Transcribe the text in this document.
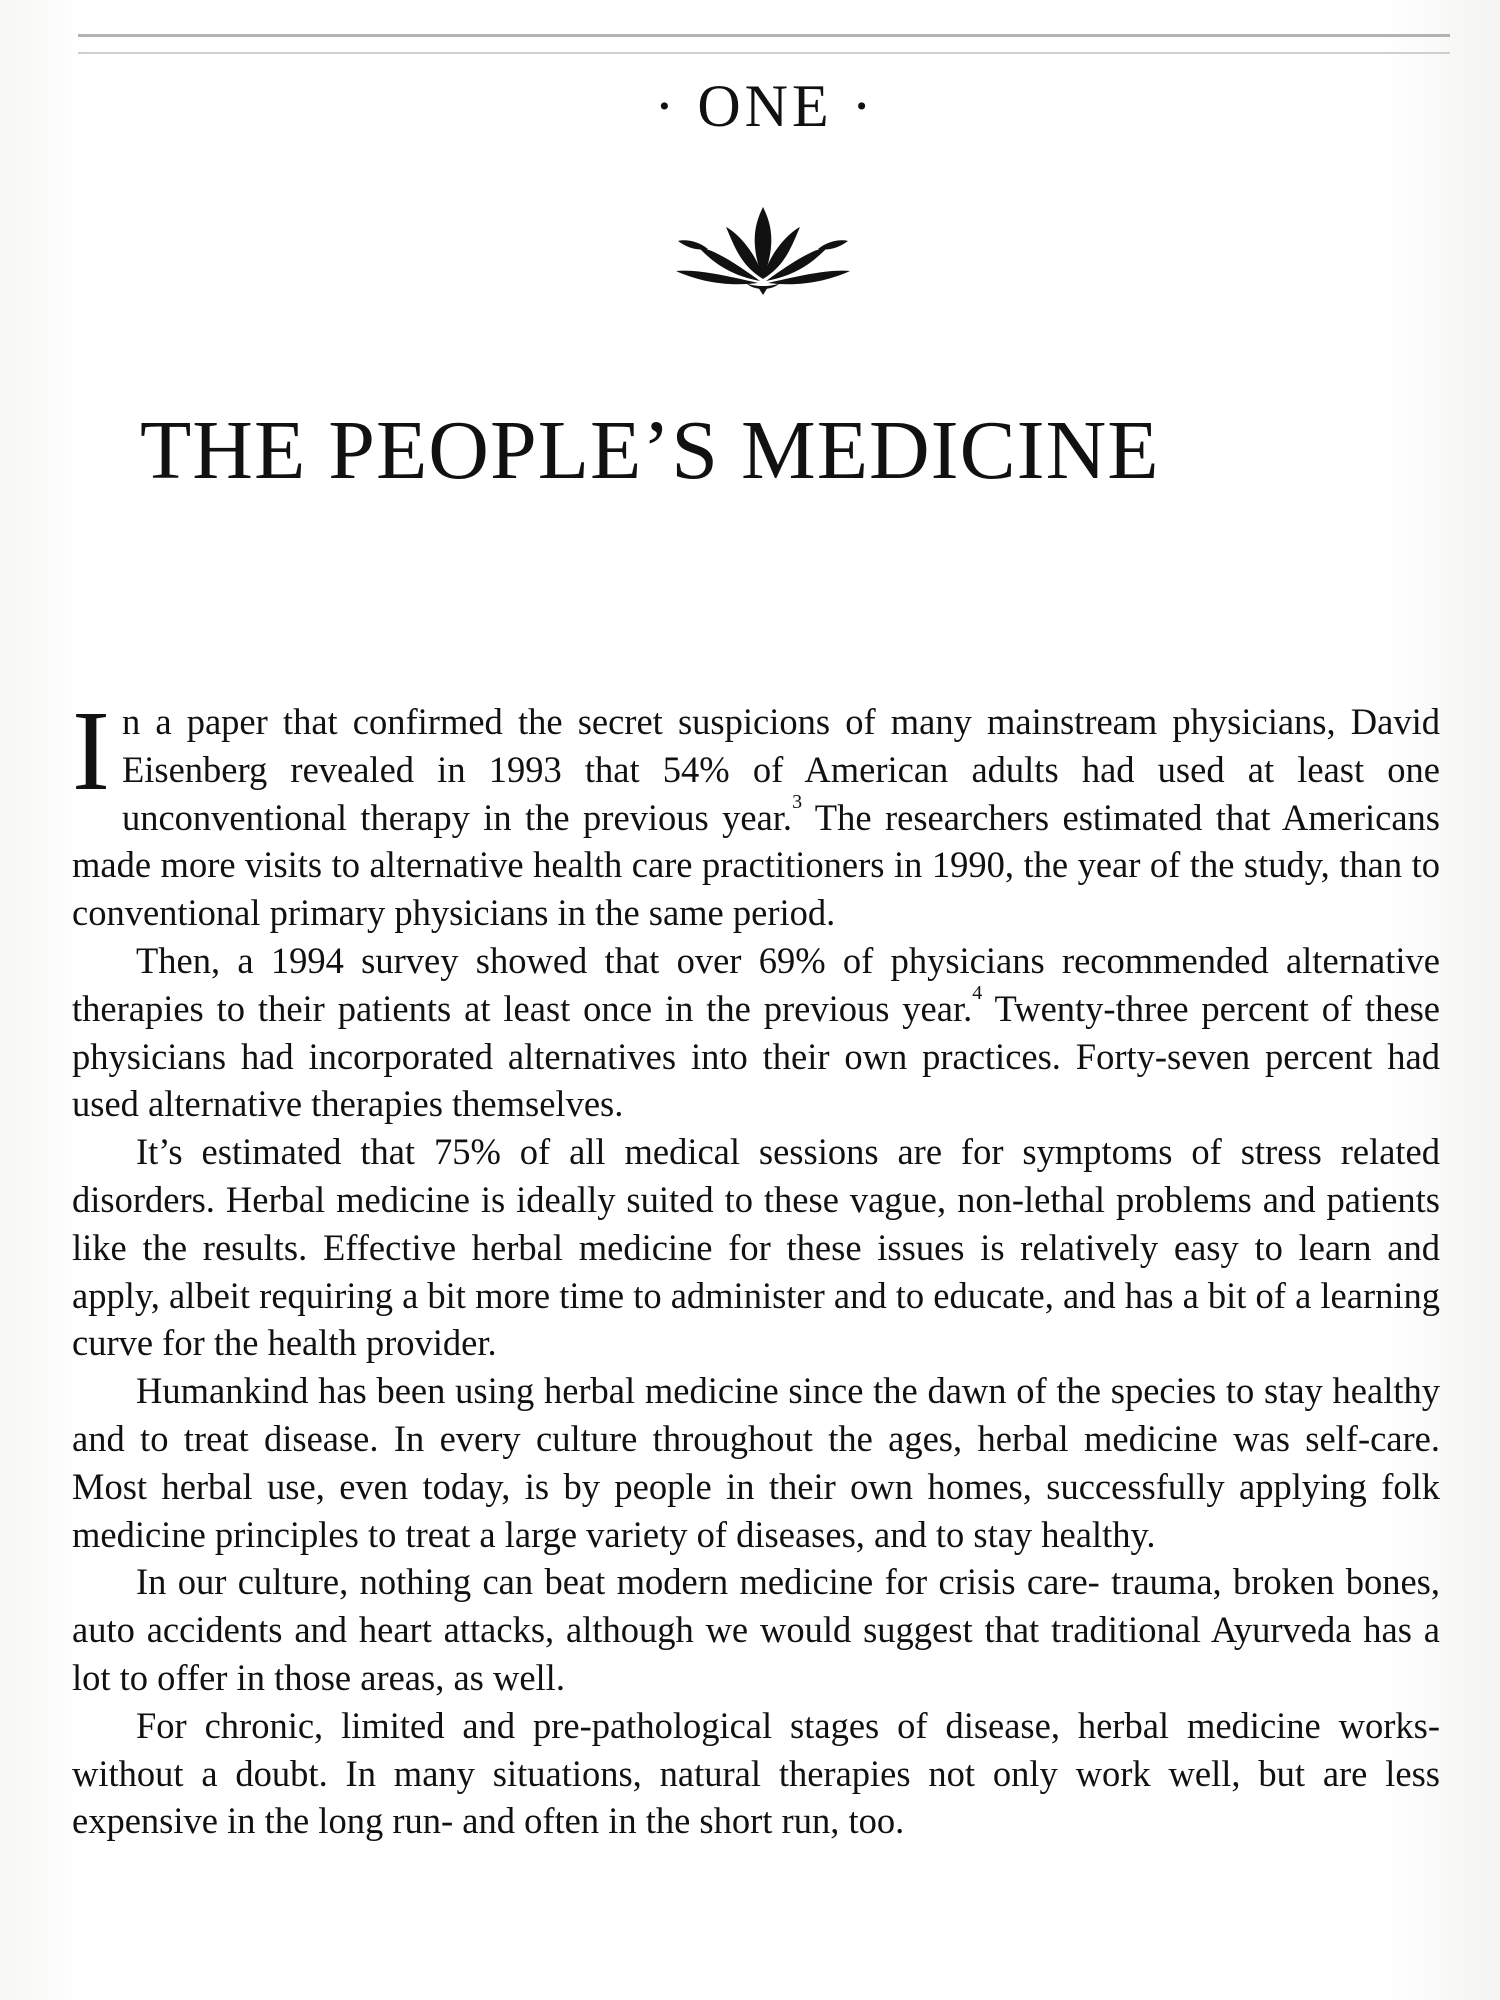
· ONE ·
THE PEOPLE’S MEDICINE

In a paper that confirmed the secret suspicions of many mainstream physicians, David Eisenberg revealed in 1993 that 54% of American adults had used at least one unconventional therapy in the previous year.$^3$ The researchers estimated that Americans made more visits to alternative health care practitioners in 1990, the year of the study, than to conventional primary physicians in the same period.

Then, a 1994 survey showed that over 69% of physicians recommended alternative therapies to their patients at least once in the previous year.$^4$ Twenty-three percent of these physicians had incorporated alternatives into their own practices. Forty-seven percent had used alternative therapies themselves.

It’s estimated that 75% of all medical sessions are for symptoms of stress related disorders. Herbal medicine is ideally suited to these vague, non-lethal problems and patients like the results. Effective herbal medicine for these issues is relatively easy to learn and apply, albeit requiring a bit more time to administer and to educate, and has a bit of a learning curve for the health provider.

Humankind has been using herbal medicine since the dawn of the species to stay healthy and to treat disease. In every culture throughout the ages, herbal medicine was self-care. Most herbal use, even today, is by people in their own homes, successfully applying folk medicine principles to treat a large variety of diseases, and to stay healthy.

In our culture, nothing can beat modern medicine for crisis care- trauma, broken bones, auto accidents and heart attacks, although we would suggest that traditional Ayurveda has a lot to offer in those areas, as well.

For chronic, limited and pre-pathological stages of disease, herbal medicine works- without a doubt. In many situations, natural therapies not only work well, but are less expensive in the long run- and often in the short run, too.
